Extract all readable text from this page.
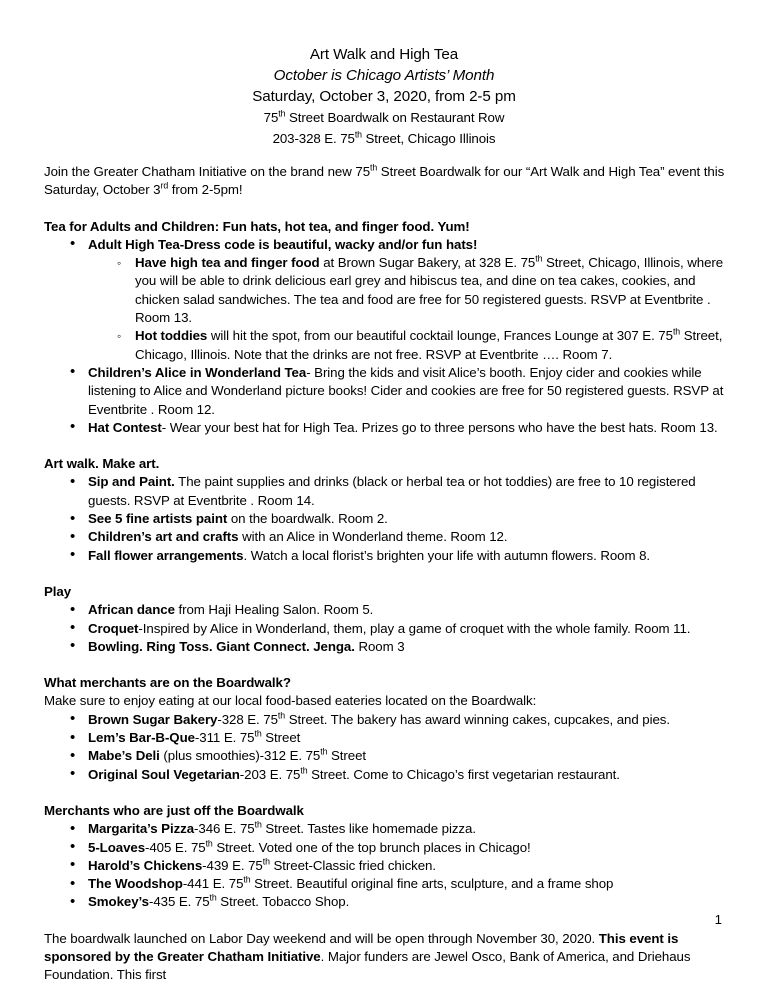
Art Walk and High Tea
October is Chicago Artists’ Month
Saturday, October 3, 2020, from 2-5 pm
75th Street Boardwalk on Restaurant Row
203-328 E. 75th Street, Chicago Illinois

Join the Greater Chatham Initiative on the brand new 75th Street Boardwalk for our “Art Walk and High Tea” event this Saturday, October 3rd from 2-5pm!

Tea for Adults and Children: Fun hats, hot tea, and finger food. Yum!
• Adult High Tea-Dress code is beautiful, wacky and/or fun hats!
◦ Have high tea and finger food at Brown Sugar Bakery, at 328 E. 75th Street, Chicago, Illinois, where you will be able to drink delicious earl grey and hibiscus tea, and dine on tea cakes, cookies, and chicken salad sandwiches. The tea and food are free for 50 registered guests. RSVP at Eventbrite . Room 13.
◦ Hot toddies will hit the spot, from our beautiful cocktail lounge, Frances Lounge at 307 E. 75th Street, Chicago, Illinois. Note that the drinks are not free. RSVP at Eventbrite …. Room 7.
• Children’s Alice in Wonderland Tea- Bring the kids and visit Alice’s booth. Enjoy cider and cookies while listening to Alice and Wonderland picture books! Cider and cookies are free for 50 registered guests. RSVP at Eventbrite . Room 12.
• Hat Contest- Wear your best hat for High Tea. Prizes go to three persons who have the best hats. Room 13.
Art walk. Make art.
• Sip and Paint. The paint supplies and drinks (black or herbal tea or hot toddies) are free to 10 registered guests. RSVP at Eventbrite . Room 14.
• See 5 fine artists paint on the boardwalk. Room 2.
• Children’s art and crafts with an Alice in Wonderland theme. Room 12.
• Fall flower arrangements. Watch a local florist’s brighten your life with autumn flowers. Room 8.
Play
• African dance from Haji Healing Salon. Room 5.
• Croquet-Inspired by Alice in Wonderland, them, play a game of croquet with the whole family. Room 11.
• Bowling. Ring Toss. Giant Connect. Jenga. Room 3
What merchants are on the Boardwalk?

Make sure to enjoy eating at our local food-based eateries located on the Boardwalk:

• Brown Sugar Bakery-328 E. 75th Street. The bakery has award winning cakes, cupcakes, and pies.
• Lem’s Bar-B-Que-311 E. 75th Street
• Mabe’s Deli (plus smoothies)-312 E. 75th Street
• Original Soul Vegetarian-203 E. 75th Street. Come to Chicago’s first vegetarian restaurant.
Merchants who are just off the Boardwalk
• Margarita’s Pizza-346 E. 75th Street. Tastes like homemade pizza.
• 5-Loaves-405 E. 75th Street. Voted one of the top brunch places in Chicago!
• Harold’s Chickens-439 E. 75th Street-Classic fried chicken.
• The Woodshop-441 E. 75th Street. Beautiful original fine arts, sculpture, and a frame shop
• Smokey’s-435 E. 75th Street. Tobacco Shop.

The boardwalk launched on Labor Day weekend and will be open through November 30, 2020. This event is sponsored by the Greater Chatham Initiative. Major funders are Jewel Osco, Bank of America, and Driehaus Foundation. This first

1
